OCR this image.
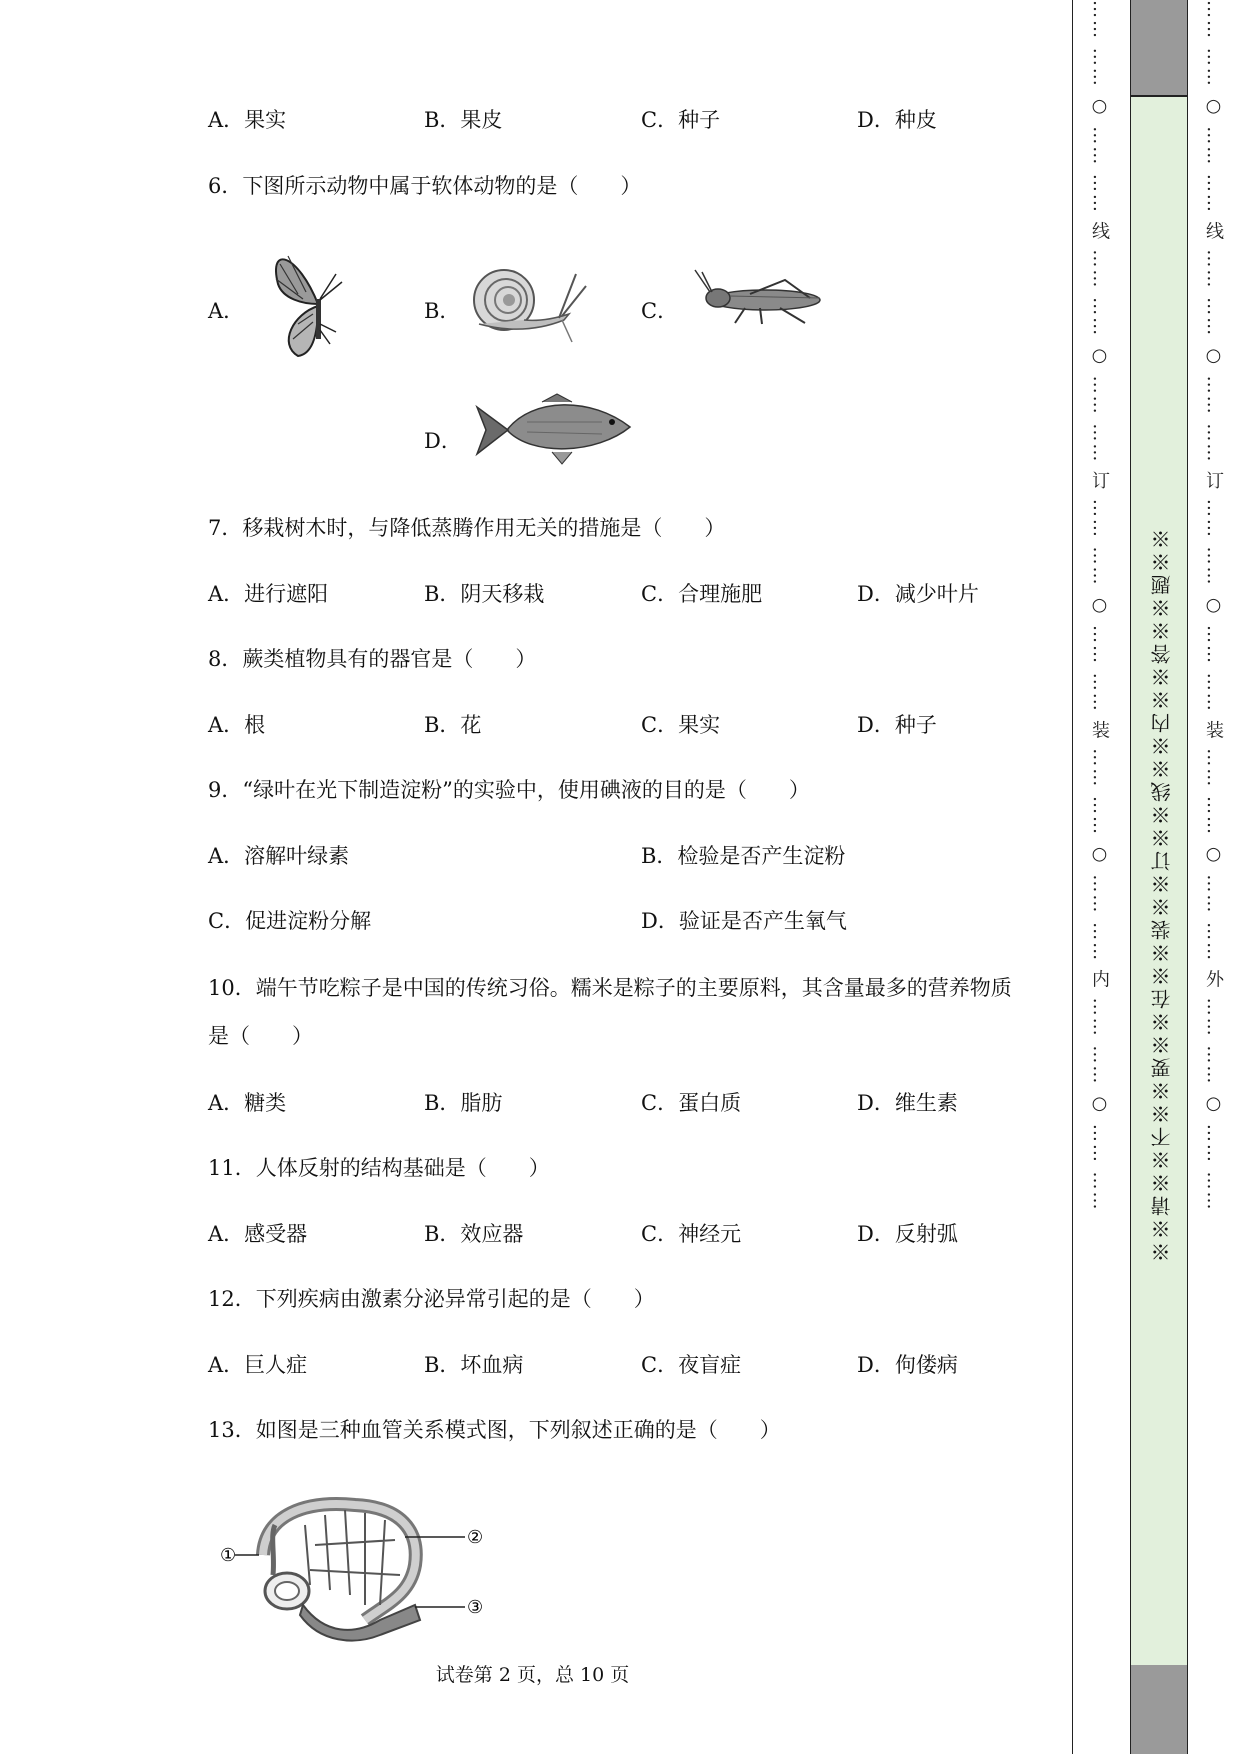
A．果实	B．果皮	C．种子	D．种皮
6．下图所示动物中属于软体动物的是（　　）
A．	B．	C．
D．
7．移栽树木时，与降低蒸腾作用无关的措施是（　　）
A．进行遮阳	B．阴天移栽	C．合理施肥	D．减少叶片
8．蕨类植物具有的器官是（　　）
A．根	B．花	C．果实	D．种子
9．“绿叶在光下制造淀粉”的实验中，使用碘液的目的是（　　）
A．溶解叶绿素	B．检验是否产生淀粉
C．促进淀粉分解	D．验证是否产生氧气
10．端午节吃粽子是中国的传统习俗。糯米是粽子的主要原料，其含量最多的营养物质
是（　　）
A．糖类	B．脂肪	C．蛋白质	D．维生素
11．人体反射的结构基础是（　　）
A．感受器	B．效应器	C．神经元	D．反射弧
12．下列疾病由激素分泌异常引起的是（　　）
A．巨人症	B．坏血病	C．夜盲症	D．佝偻病
13．如图是三种血管关系模式图，下列叙述正确的是（　　）
①
②
③
试卷第 2 页，总 10 页
…… …… ○ …… …… 线 …… …… ○ …… …… 订 …… …… ○ …… …… 装 …… …… ○ …… …… 内 …… …… ○ …… …… ※※请※※不※※要※※在※※装※※订※※线※※内※※答※※题※※
…… …… ○ …… …… 线 …… …… ○ …… …… 订 …… …… ○ …… …… 装 …… …… ○ …… …… 外 …… …… ○ …… ……
